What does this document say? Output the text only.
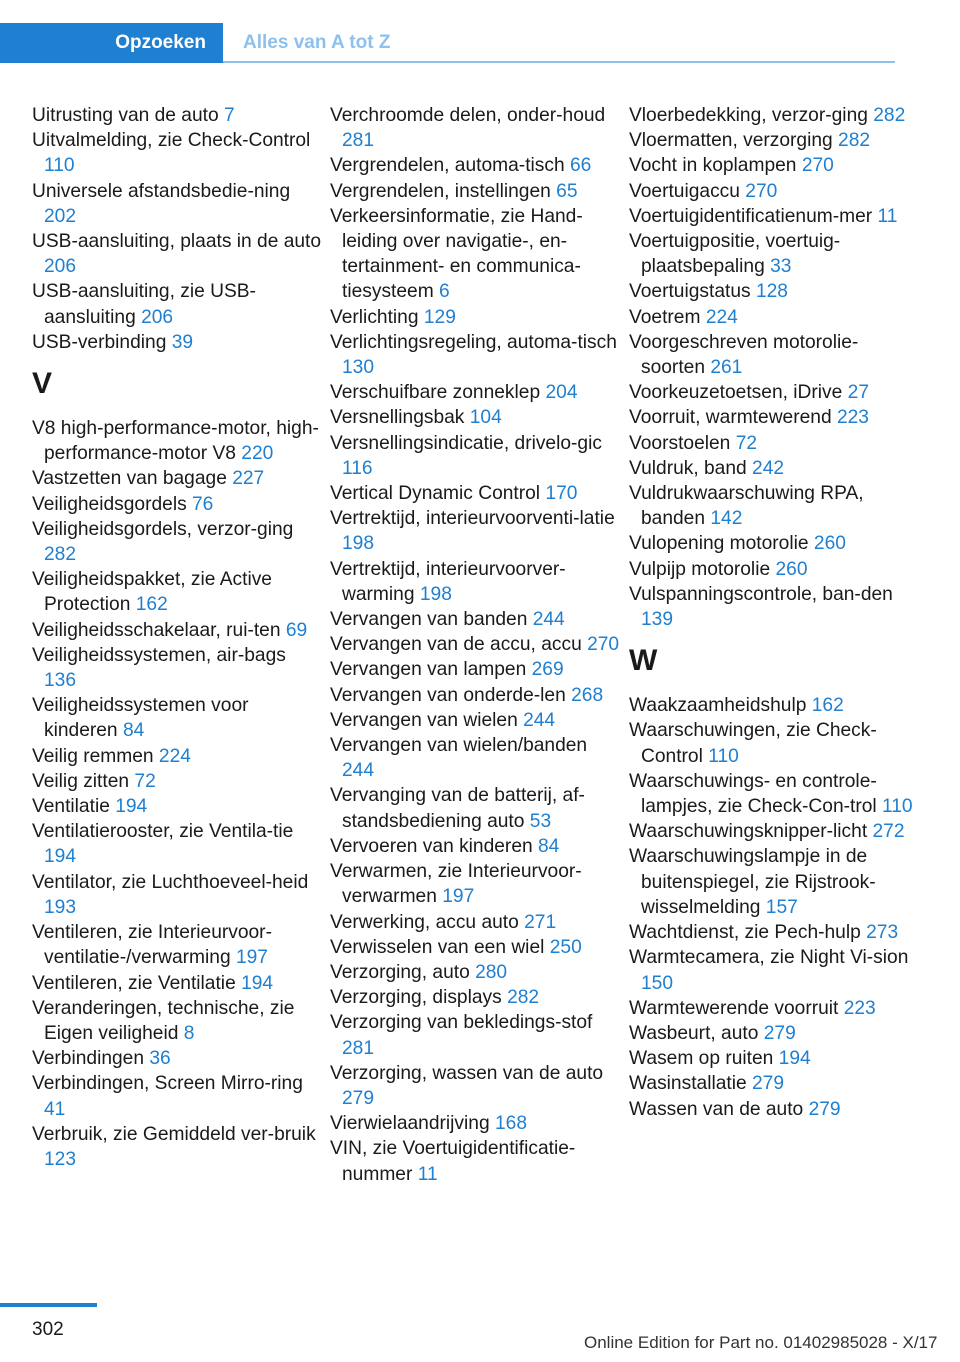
Opzoeken Alles van A tot Z
Uitrusting van de auto 7
Uitvalmelding, zie Check-Control 110
Universele afstandsbedie-ning 202
USB-aansluiting, plaats in de auto 206
USB-aansluiting, zie USB-aansluiting 206
USB-verbinding 39
V
V8 high-performance-motor, high-performance-motor V8 220
Vastzetten van bagage 227
Veiligheidsgordels 76
Veiligheidsgordels, verzor-ging 282
Veiligheidspakket, zie Active Protection 162
Veiligheidsschakelaar, rui-ten 69
Veiligheidssystemen, air-bags 136
Veiligheidssystemen voor kinderen 84
Veilig remmen 224
Veilig zitten 72
Ventilatie 194
Ventilatierooster, zie Ventila-tie 194
Ventilator, zie Luchthoeveel-heid 193
Ventileren, zie Interieurvoor-ventilatie-/verwarming 197
Ventileren, zie Ventilatie 194
Veranderingen, technische, zie Eigen veiligheid 8
Verbindingen 36
Verbindingen, Screen Mirro-ring 41
Verbruik, zie Gemiddeld ver-bruik 123
Verchroomde delen, onder-houd 281
Vergrendelen, automa-tisch 66
Vergrendelen, instellingen 65
Verkeersinformatie, zie Hand-leiding over navigatie-, en-tertainment- en communica-tiesysteem 6
Verlichting 129
Verlichtingsregeling, automa-tisch 130
Verschuifbare zonneklep 204
Versnellingsbak 104
Versnellingsindicatie, drivelo-gic 116
Vertical Dynamic Control 170
Vertrektijd, interieurvoorventi-latie 198
Vertrektijd, interieurvoorver-warming 198
Vervangen van banden 244
Vervangen van de accu, accu 270
Vervangen van lampen 269
Vervangen van onderde-len 268
Vervangen van wielen 244
Vervangen van wielen/banden 244
Vervanging van de batterij, af-standsbediening auto 53
Vervoeren van kinderen 84
Verwarmen, zie Interieurvoor-verwarmen 197
Verwerking, accu auto 271
Verwisselen van een wiel 250
Verzorging, auto 280
Verzorging, displays 282
Verzorging van bekledings-stof 281
Verzorging, wassen van de auto 279
Vierwielaandrijving 168
VIN, zie Voertuigidentificatie-nummer 11
Vloerbedekking, verzor-ging 282
Vloermatten, verzorging 282
Vocht in koplampen 270
Voertuigaccu 270
Voertuigidentificatienum-mer 11
Voertuigpositie, voertuig-plaatsbepaling 33
Voertuigstatus 128
Voetrem 224
Voorgeschreven motorolie-soorten 261
Voorkeuzetoetsen, iDrive 27
Voorruit, warmtewerend 223
Voorstoelen 72
Vuldruk, band 242
Vuldrukwaarschuwing RPA, banden 142
Vulopening motorolie 260
Vulpijp motorolie 260
Vulspanningscontrole, ban-den 139
W
Waakzaamheidshulp 162
Waarschuwingen, zie Check-Control 110
Waarschuwings- en controle-lampjes, zie Check-Con-trol 110
Waarschuwingsknipper-licht 272
Waarschuwingslampje in de buitenspiegel, zie Rijstrook-wisselmelding 157
Wachtdienst, zie Pech-hulp 273
Warmtecamera, zie Night Vi-sion 150
Warmtewerende voorruit 223
Wasbeurt, auto 279
Wasem op ruiten 194
Wasinstallatie 279
Wassen van de auto 279
302
Online Edition for Part no. 01402985028 - X/17
